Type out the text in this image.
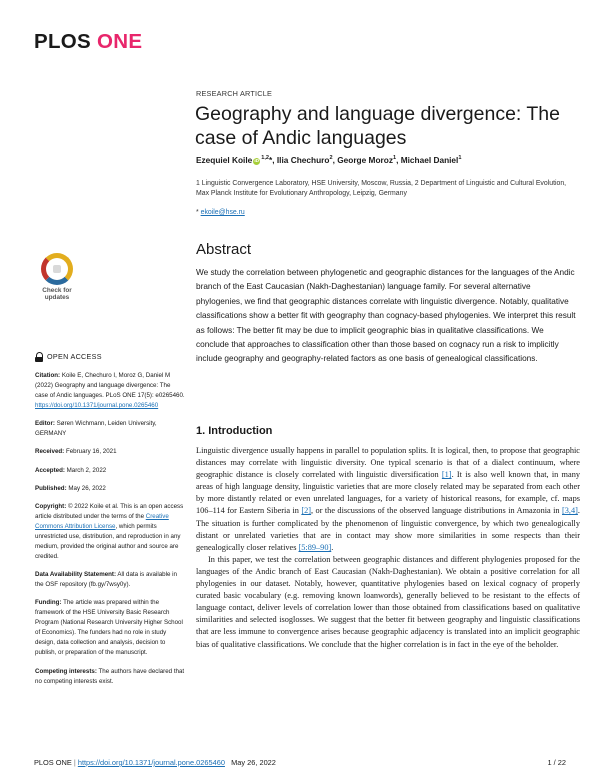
PLOS ONE
RESEARCH ARTICLE
Geography and language divergence: The case of Andic languages
Ezequiel Koile iD$^{1,2}$*, Ilia Chechuro$^2$, George Moroz$^1$, Michael Daniel$^1$
1 Linguistic Convergence Laboratory, HSE University, Moscow, Russia, 2 Department of Linguistic and Cultural Evolution, Max Planck Institute for Evolutionary Anthropology, Leipzig, Germany
* ekoile@hse.ru
Check for updates
Abstract
We study the correlation between phylogenetic and geographic distances for the languages of the Andic branch of the East Caucasian (Nakh-Daghestanian) language family. For several alternative phylogenies, we find that geographic distances correlate with linguistic divergence. Notably, qualitative classifications show a better fit with geography than cognacy-based phylogenies. We interpret this result as follows: The better fit may be due to implicit geographic bias in qualitative classifications. We conclude that approaches to classification other than those based on cognacy run a risk to implicitly include geography and geography-related factors as one basis of genealogical classifications.
OPEN ACCESS
Citation: Koile E, Chechuro I, Moroz G, Daniel M (2022) Geography and language divergence: The case of Andic languages. PLoS ONE 17(5): e0265460. https://doi.org/10.1371/journal.pone.0265460
Editor: Søren Wichmann, Leiden University, GERMANY
Received: February 16, 2021
Accepted: March 2, 2022
Published: May 26, 2022
Copyright: © 2022 Koile et al. This is an open access article distributed under the terms of the Creative Commons Attribution License, which permits unrestricted use, distribution, and reproduction in any medium, provided the original author and source are credited.
Data Availability Statement: All data is available in the OSF repository (fb.gy/7wsy0y).
Funding: The article was prepared within the framework of the HSE University Basic Research Program (National Research University Higher School of Economics). The funders had no role in study design, data collection and analysis, decision to publish, or preparation of the manuscript.
Competing interests: The authors have declared that no competing interests exist.
1. Introduction

Linguistic divergence usually happens in parallel to population splits. It is logical, then, to propose that geographic distances may correlate with linguistic diversity. One typical scenario is that of a dialect continuum, where geographic distance is closely correlated with linguistic diversification [1]. It is also well known that, in many areas of high language density, linguistic varieties that are more closely related may be separated from each other by more distantly related or even unrelated languages, for a variety of historical reasons, for example, cf. maps 106–114 for Eastern Siberia in [2], or the discussions of the observed language distributions in Amazonia in [3,4]. The situation is further complicated by the phenomenon of linguistic convergence, by which two genealogically distant or unrelated varieties that are in contact may show more similarities in some respects than their genealogically closer relatives [5:89–90].

In this paper, we test the correlation between geographic distances and different phylogenies proposed for the languages of the Andic branch of East Caucasian (Nakh-Daghestanian). We obtain a positive correlation for all phylogenies in our dataset. Notably, however, quantitative phylogenies based on lexical cognacy of properly curated basic vocabulary (e.g. removing known loanwords), generally believed to be resistant to the effects of language contact, deliver levels of correlation lower than those obtained from classifications based on qualitative similarities and selected isoglosses. We suggest that the better fit between geography and linguistic classifications that are less immune to convergence arises because geographic adjacency is translated into an implicit geographic bias of qualitative classifications. We conclude that the higher correlation is in fact in the eye of the beholder.

PLOS ONE | https://doi.org/10.1371/journal.pone.0265460 May 26, 2022	1 / 22
